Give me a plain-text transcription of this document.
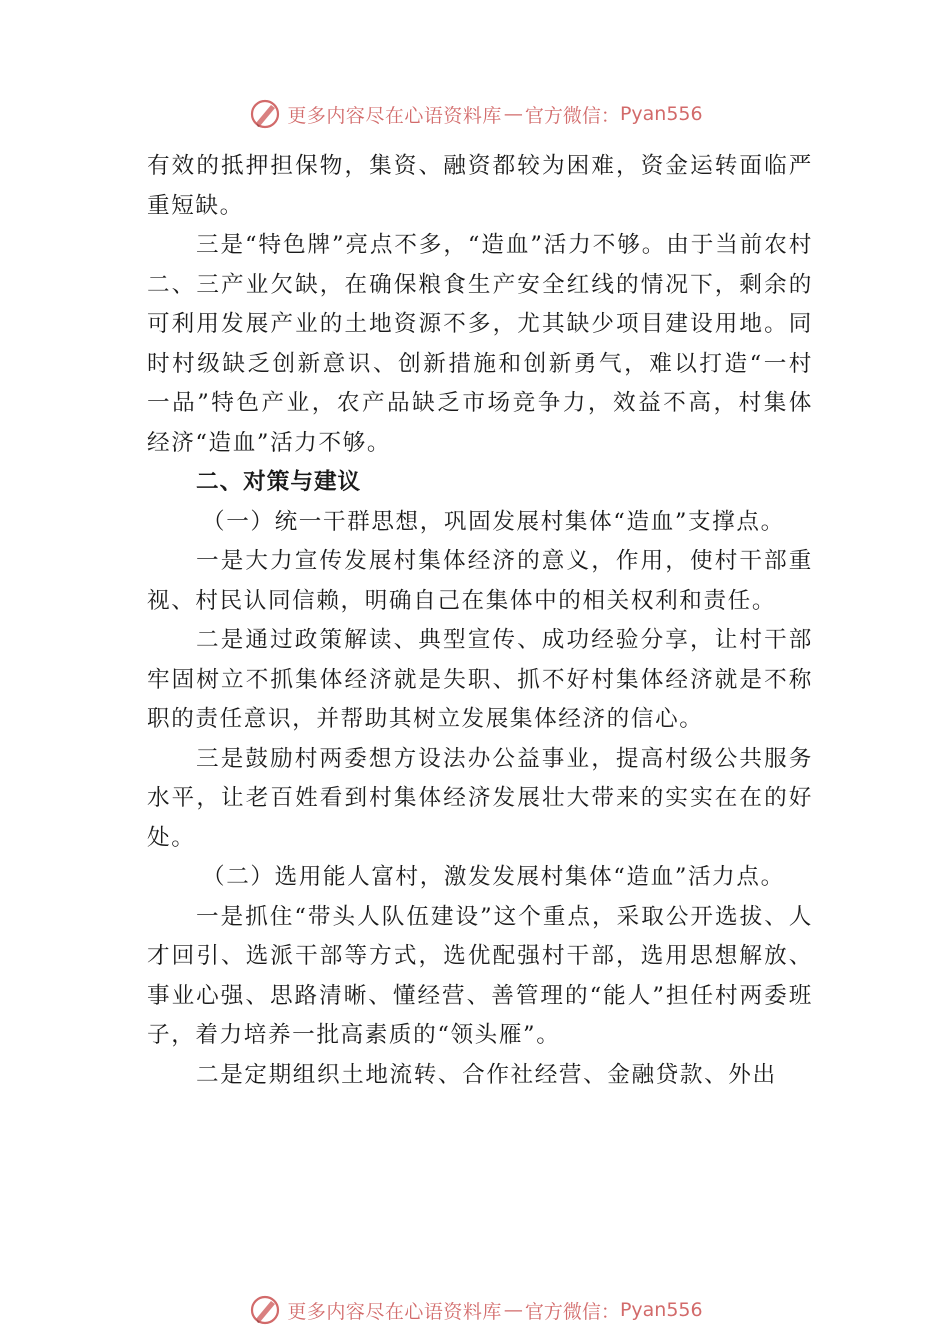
更多内容尽在心语资料库 — 官方微信： Pyan556

有效的抵押担保物，集资、融资都较为困难，资金运转面临严重短缺。

三是“特色牌”亮点不多，“造血”活力不够。由于当前农村二、三产业欠缺，在确保粮食生产安全红线的情况下，剩余的可利用发展产业的土地资源不多，尤其缺少项目建设用地。同时村级缺乏创新意识、创新措施和创新勇气，难以打造“一村一品”特色产业，农产品缺乏市场竞争力，效益不高，村集体经济“造血”活力不够。

二、对策与建议

（一）统一干群思想，巩固发展村集体“造血”支撑点。

一是大力宣传发展村集体经济的意义，作用，使村干部重视、村民认同信赖，明确自己在集体中的相关权利和责任。

二是通过政策解读、典型宣传、成功经验分享，让村干部牢固树立不抓集体经济就是失职、抓不好村集体经济就是不称职的责任意识，并帮助其树立发展集体经济的信心。

三是鼓励村两委想方设法办公益事业，提高村级公共服务水平，让老百姓看到村集体经济发展壮大带来的实实在在的好处。

（二）选用能人富村，激发发展村集体“造血”活力点。

一是抓住“带头人队伍建设”这个重点，采取公开选拔、人才回引、选派干部等方式，选优配强村干部，选用思想解放、事业心强、思路清晰、懂经营、善管理的“能人”担任村两委班子，着力培养一批高素质的“领头雁”。

二是定期组织土地流转、合作社经营、金融贷款、外出

更多内容尽在心语资料库 — 官方微信： Pyan556
